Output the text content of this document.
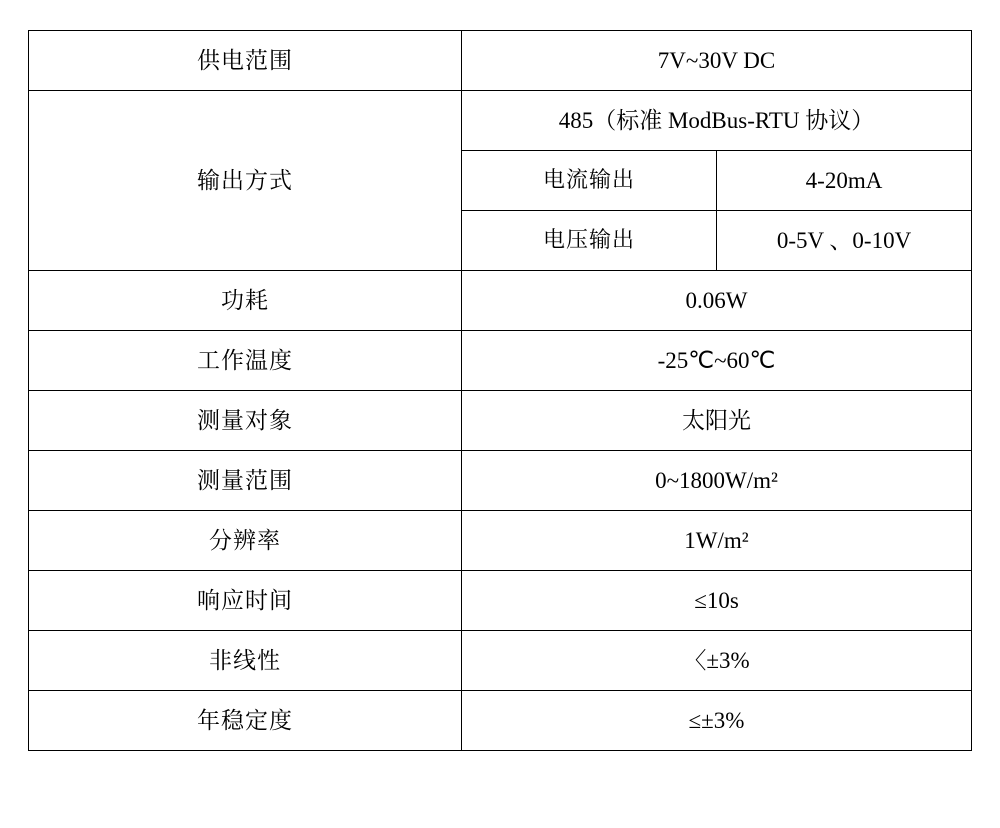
供电范围	7V~30V DC	
输出方式	485（标准 ModBus-RTU 协议）	
	电流输出	4-20mA
	电压输出	0-5V 、0-10V
功耗	0.06W	
工作温度	-25℃~60℃	
测量对象	太阳光	
测量范围	0~1800W/m²	
分辨率	1W/m²	
响应时间	≤10s	
非线性	〈±3%	
年稳定度	≤±3%	
